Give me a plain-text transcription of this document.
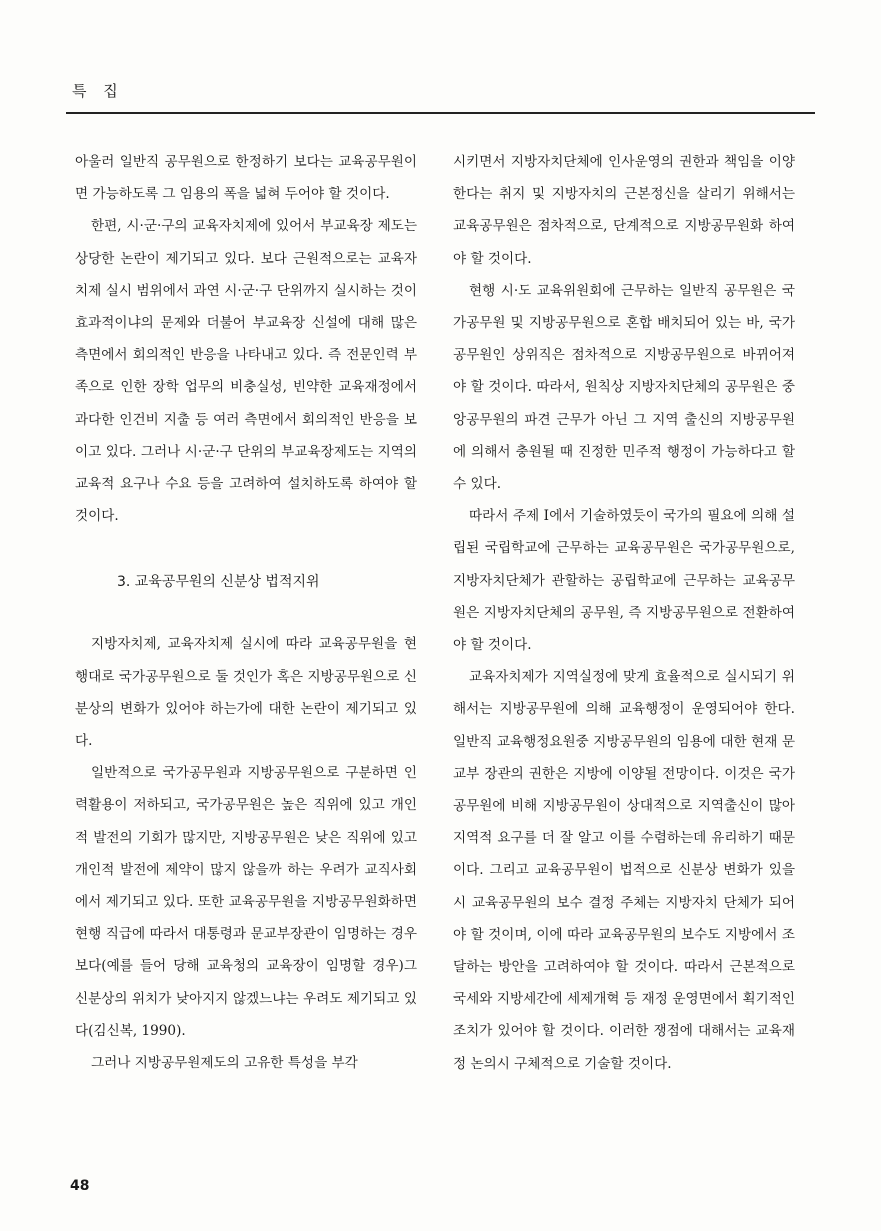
특 집

아울러 일반직 공무원으로 한정하기 보다는 교육공무원이면 가능하도록 그 임용의 폭을 넓혀 두어야 할 것이다.

한편, 시·군·구의 교육자치제에 있어서 부교육장 제도는 상당한 논란이 제기되고 있다. 보다 근원적으로는 교육자치제 실시 범위에서 과연 시·군·구 단위까지 실시하는 것이 효과적이냐의 문제와 더불어 부교육장 신설에 대해 많은 측면에서 회의적인 반응을 나타내고 있다. 즉 전문인력 부족으로 인한 장학 업무의 비충실성, 빈약한 교육재정에서 과다한 인건비 지출 등 여러 측면에서 회의적인 반응을 보이고 있다. 그러나 시·군·구 단위의 부교육장제도는 지역의 교육적 요구나 수요 등을 고려하여 설치하도록 하여야 할 것이다.

3. 교육공무원의 신분상 법적지위

지방자치제, 교육자치제 실시에 따라 교육공무원을 현행대로 국가공무원으로 둘 것인가 혹은 지방공무원으로 신분상의 변화가 있어야 하는가에 대한 논란이 제기되고 있다.

일반적으로 국가공무원과 지방공무원으로 구분하면 인력활용이 저하되고, 국가공무원은 높은 직위에 있고 개인적 발전의 기회가 많지만, 지방공무원은 낮은 직위에 있고 개인적 발전에 제약이 많지 않을까 하는 우려가 교직사회에서 제기되고 있다. 또한 교육공무원을 지방공무원화하면 현행 직급에 따라서 대통령과 문교부장관이 임명하는 경우보다(예를 들어 당해 교육청의 교육장이 임명할 경우)그 신분상의 위치가 낮아지지 않겠느냐는 우려도 제기되고 있다(김신복, 1990).

그러나 지방공무원제도의 고유한 특성을 부각

시키면서 지방자치단체에 인사운영의 권한과 책임을 이양한다는 취지 및 지방자치의 근본정신을 살리기 위해서는 교육공무원은 점차적으로, 단계적으로 지방공무원화 하여야 할 것이다.

현행 시·도 교육위원회에 근무하는 일반직 공무원은 국가공무원 및 지방공무원으로 혼합 배치되어 있는 바, 국가공무원인 상위직은 점차적으로 지방공무원으로 바뀌어져야 할 것이다. 따라서, 원칙상 지방자치단체의 공무원은 중앙공무원의 파견 근무가 아닌 그 지역 출신의 지방공무원에 의해서 충원될 때 진정한 민주적 행정이 가능하다고 할 수 있다.

따라서 주제 Ⅰ에서 기술하였듯이 국가의 필요에 의해 설립된 국립학교에 근무하는 교육공무원은 국가공무원으로, 지방자치단체가 관할하는 공립학교에 근무하는 교육공무원은 지방자치단체의 공무원, 즉 지방공무원으로 전환하여야 할 것이다.

교육자치제가 지역실정에 맞게 효율적으로 실시되기 위해서는 지방공무원에 의해 교육행정이 운영되어야 한다. 일반직 교육행정요원중 지방공무원의 임용에 대한 현재 문교부 장관의 권한은 지방에 이양될 전망이다. 이것은 국가공무원에 비해 지방공무원이 상대적으로 지역출신이 많아 지역적 요구를 더 잘 알고 이를 수렴하는데 유리하기 때문이다. 그리고 교육공무원이 법적으로 신분상 변화가 있을시 교육공무원의 보수 결정 주체는 지방자치 단체가 되어야 할 것이며, 이에 따라 교육공무원의 보수도 지방에서 조달하는 방안을 고려하여야 할 것이다. 따라서 근본적으로 국세와 지방세간에 세제개혁 등 재정 운영면에서 획기적인 조치가 있어야 할 것이다. 이러한 쟁점에 대해서는 교육재정 논의시 구체적으로 기술할 것이다.

48
